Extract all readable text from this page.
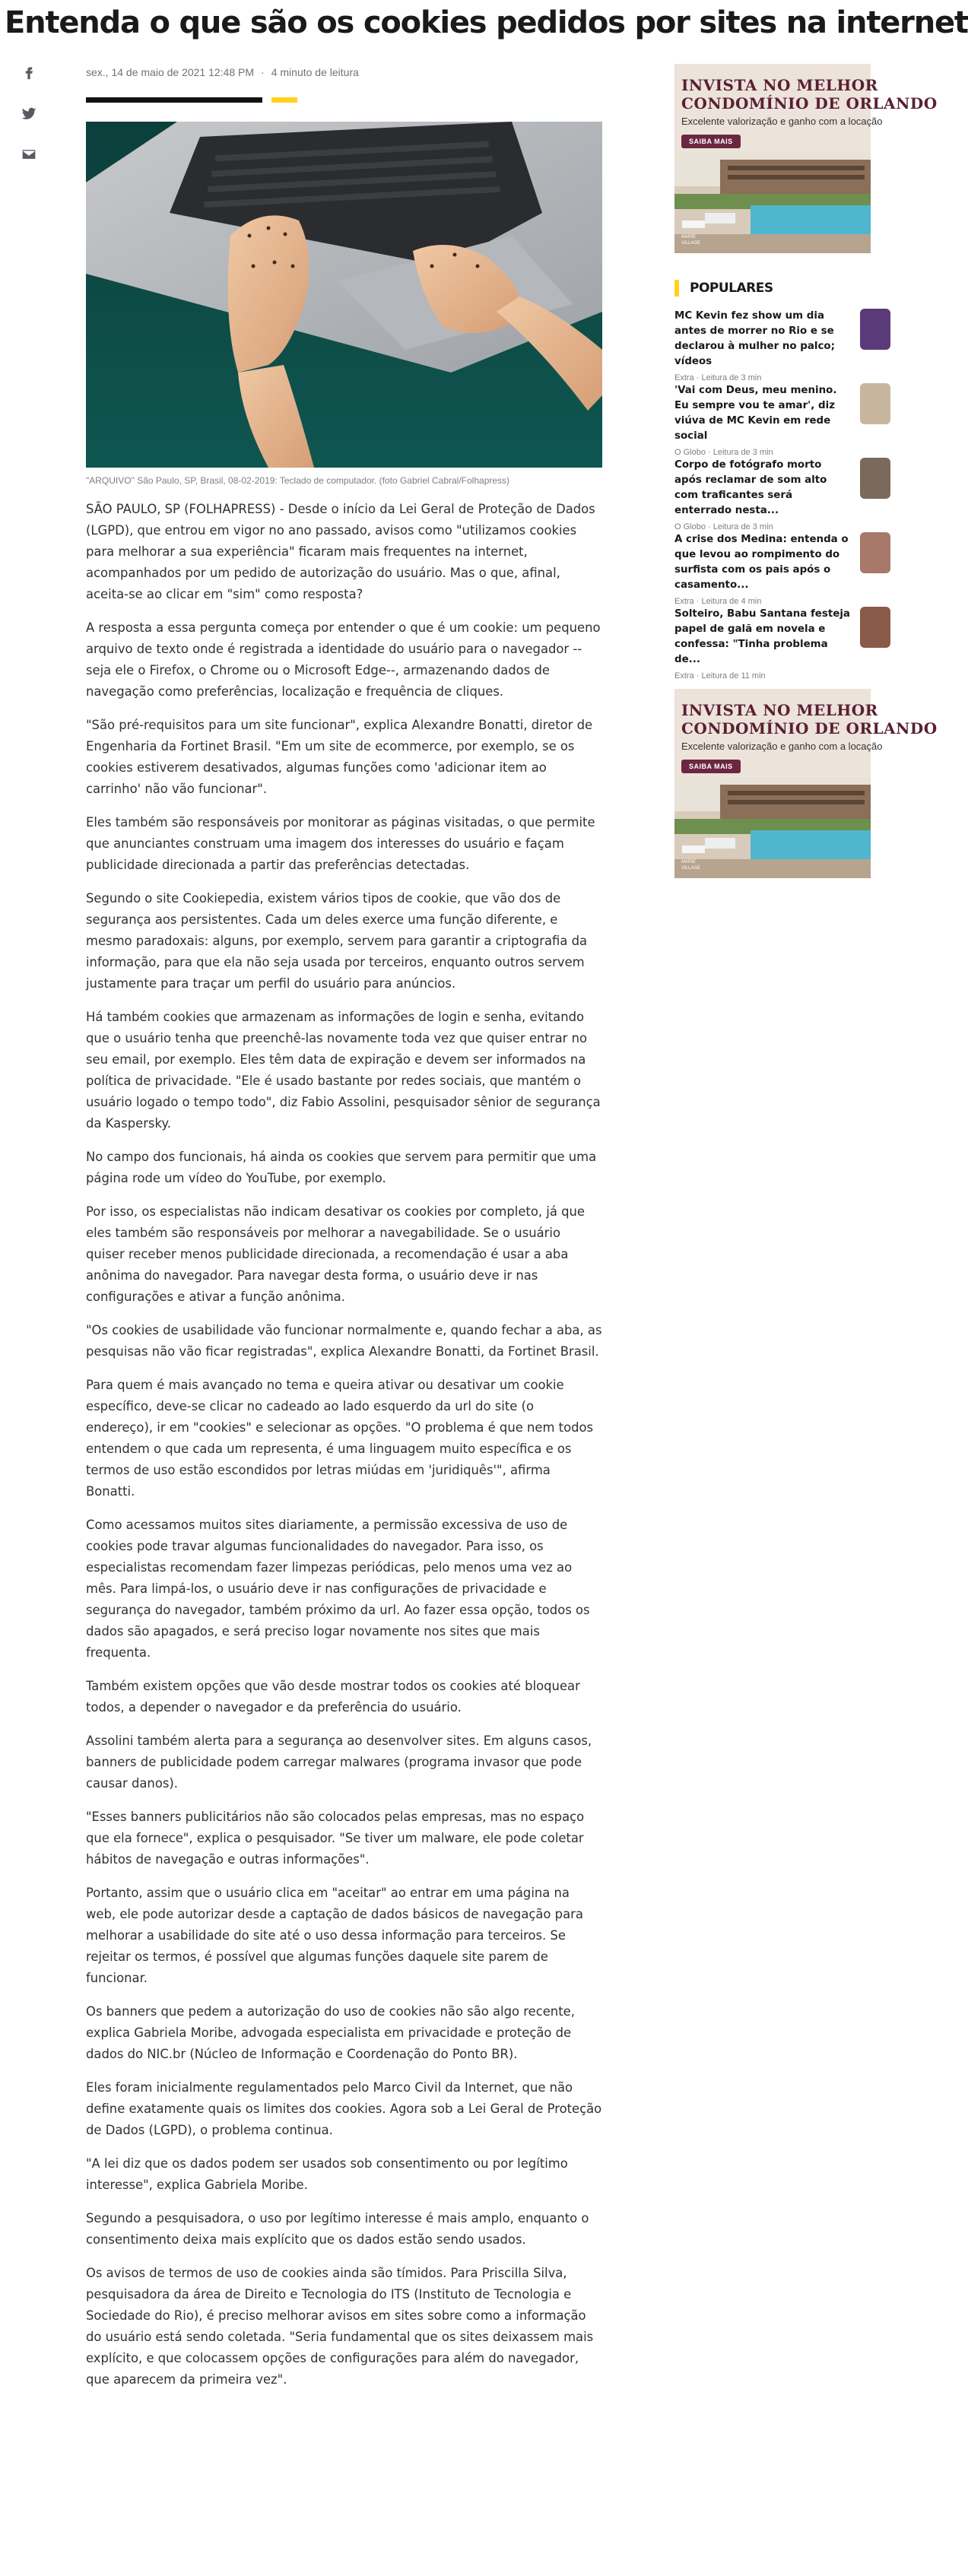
Entenda o que são os cookies pedidos por sites na internet
sex., 14 de maio de 2021 12:48 PM · 4 minuto de leitura
"ARQUIVO" São Paulo, SP, Brasil, 08-02-2019: Teclado de computador. (foto Gabriel Cabral/Folhapress)

SÃO PAULO, SP (FOLHAPRESS) - Desde o início da Lei Geral de Proteção de Dados (LGPD), que entrou em vigor no ano passado, avisos como "utilizamos cookies para melhorar a sua experiência" ficaram mais frequentes na internet, acompanhados por um pedido de autorização do usuário. Mas o que, afinal, aceita-se ao clicar em "sim" como resposta?

A resposta a essa pergunta começa por entender o que é um cookie: um pequeno arquivo de texto onde é registrada a identidade do usuário para o navegador --seja ele o Firefox, o Chrome ou o Microsoft Edge--, armazenando dados de navegação como preferências, localização e frequência de cliques.

"São pré-requisitos para um site funcionar", explica Alexandre Bonatti, diretor de Engenharia da Fortinet Brasil. "Em um site de ecommerce, por exemplo, se os cookies estiverem desativados, algumas funções como 'adicionar item ao carrinho' não vão funcionar".

Eles também são responsáveis por monitorar as páginas visitadas, o que permite que anunciantes construam uma imagem dos interesses do usuário e façam publicidade direcionada a partir das preferências detectadas.

Segundo o site Cookiepedia, existem vários tipos de cookie, que vão dos de segurança aos persistentes. Cada um deles exerce uma função diferente, e mesmo paradoxais: alguns, por exemplo, servem para garantir a criptografia da informação, para que ela não seja usada por terceiros, enquanto outros servem justamente para traçar um perfil do usuário para anúncios.

Há também cookies que armazenam as informações de login e senha, evitando que o usuário tenha que preenchê-las novamente toda vez que quiser entrar no seu email, por exemplo. Eles têm data de expiração e devem ser informados na política de privacidade. "Ele é usado bastante por redes sociais, que mantém o usuário logado o tempo todo", diz Fabio Assolini, pesquisador sênior de segurança da Kaspersky.

No campo dos funcionais, há ainda os cookies que servem para permitir que uma página rode um vídeo do YouTube, por exemplo.

Por isso, os especialistas não indicam desativar os cookies por completo, já que eles também são responsáveis por melhorar a navegabilidade. Se o usuário quiser receber menos publicidade direcionada, a recomendação é usar a aba anônima do navegador. Para navegar desta forma, o usuário deve ir nas configurações e ativar a função anônima.

"Os cookies de usabilidade vão funcionar normalmente e, quando fechar a aba, as pesquisas não vão ficar registradas", explica Alexandre Bonatti, da Fortinet Brasil.

Para quem é mais avançado no tema e queira ativar ou desativar um cookie específico, deve-se clicar no cadeado ao lado esquerdo da url do site (o endereço), ir em "cookies" e selecionar as opções. "O problema é que nem todos entendem o que cada um representa, é uma linguagem muito específica e os termos de uso estão escondidos por letras miúdas em 'juridiquês'", afirma Bonatti.

Como acessamos muitos sites diariamente, a permissão excessiva de uso de cookies pode travar algumas funcionalidades do navegador. Para isso, os especialistas recomendam fazer limpezas periódicas, pelo menos uma vez ao mês. Para limpá-los, o usuário deve ir nas configurações de privacidade e segurança do navegador, também próximo da url. Ao fazer essa opção, todos os dados são apagados, e será preciso logar novamente nos sites que mais frequenta.

Também existem opções que vão desde mostrar todos os cookies até bloquear todos, a depender o navegador e da preferência do usuário.

Assolini também alerta para a segurança ao desenvolver sites. Em alguns casos, banners de publicidade podem carregar malwares (programa invasor que pode causar danos).

"Esses banners publicitários não são colocados pelas empresas, mas no espaço que ela fornece", explica o pesquisador. "Se tiver um malware, ele pode coletar hábitos de navegação e outras informações".

Portanto, assim que o usuário clica em "aceitar" ao entrar em uma página na web, ele pode autorizar desde a captação de dados básicos de navegação para melhorar a usabilidade do site até o uso dessa informação para terceiros. Se rejeitar os termos, é possível que algumas funções daquele site parem de funcionar.

Os banners que pedem a autorização do uso de cookies não são algo recente, explica Gabriela Moribe, advogada especialista em privacidade e proteção de dados do NIC.br (Núcleo de Informação e Coordenação do Ponto BR).

Eles foram inicialmente regulamentados pelo Marco Civil da Internet, que não define exatamente quais os limites dos cookies. Agora sob a Lei Geral de Proteção de Dados (LGPD), o problema continua.

"A lei diz que os dados podem ser usados sob consentimento ou por legítimo interesse", explica Gabriela Moribe.

Segundo a pesquisadora, o uso por legítimo interesse é mais amplo, enquanto o consentimento deixa mais explícito que os dados estão sendo usados.

Os avisos de termos de uso de cookies ainda são tímidos. Para Priscilla Silva, pesquisadora da área de Direito e Tecnologia do ITS (Instituto de Tecnologia e Sociedade do Rio), é preciso melhorar avisos em sites sobre como a informação do usuário está sendo coletada. "Seria fundamental que os sites deixassem mais explícito, e que colocassem opções de configurações para além do navegador, que aparecem da primeira vez".

INVISTA NO MELHOR
CONDOMÍNIO DE ORLANDO
Excelente valorização e ganho com a locação
SAIBA MAIS
MARIE
VILLAGE
POPULARES
MC Kevin fez show um dia antes de morrer no Rio e se declarou à mulher no palco; vídeos
Extra · Leitura de 3 min
'Vai com Deus, meu menino. Eu sempre vou te amar', diz viúva de MC Kevin em rede social
O Globo · Leitura de 3 min
Corpo de fotógrafo morto após reclamar de som alto com traficantes será enterrado nesta...
O Globo · Leitura de 3 min
A crise dos Medina: entenda o que levou ao rompimento do surfista com os pais após o casamento...
Extra · Leitura de 4 min
Solteiro, Babu Santana festeja papel de galã em novela e confessa: "Tinha problema de...
Extra · Leitura de 11 min
INVISTA NO MELHOR
CONDOMÍNIO DE ORLANDO
Excelente valorização e ganho com a locação
SAIBA MAIS
MARIE
VILLAGE
